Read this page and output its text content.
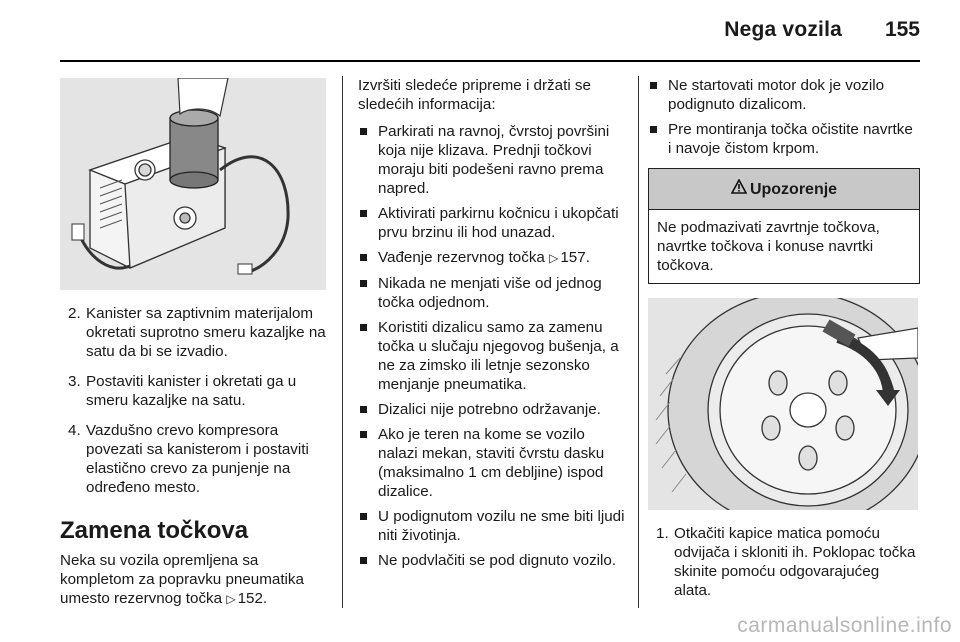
Nega vozila 155
2. Kanister sa zaptivnim materijalom okretati suprotno smeru kazaljke na satu da bi se izvadio.
3. Postaviti kanister i okretati ga u smeru kazaljke na satu.
4. Vazdušno crevo kompresora povezati sa kanisterom i postaviti elastično crevo za punjenje na određeno mesto.
Zamena točkova

Neka su vozila opremljena sa kompletom za popravku pneumatika umesto rezervnog točka ▷ 152.

Izvršiti sledeće pripreme i držati se sledećih informacija:

Parkirati na ravnoj, čvrstoj površini koja nije klizava. Prednji točkovi moraju biti podešeni ravno prema napred.
Aktivirati parkirnu kočnicu i ukopčati prvu brzinu ili hod unazad.
Vađenje rezervnog točka ▷ 157.
Nikada ne menjati više od jednog točka odjednom.
Koristiti dizalicu samo za zamenu točka u slučaju njegovog bušenja, a ne za zimsko ili letnje sezonsko menjanje pneumatika.
Dizalici nije potrebno održavanje.
Ako je teren na kome se vozilo nalazi mekan, staviti čvrstu dasku (maksimalno 1 cm debljine) ispod dizalice.
U podignutom vozilu ne sme biti ljudi niti životinja.
Ne podvlačiti se pod dignuto vozilo.
Ne startovati motor dok je vozilo podignuto dizalicom.
Pre montiranja točka očistite navrtke i navoje čistom krpom.
Upozorenje
Ne podmazivati zavrtnje točkova, navrtke točkova i konuse navrtki točkova.
1. Otkačiti kapice matica pomoću odvijača i skloniti ih. Poklopac točka skinite pomoću odgovarajućeg alata.
carmanualsonline.info
